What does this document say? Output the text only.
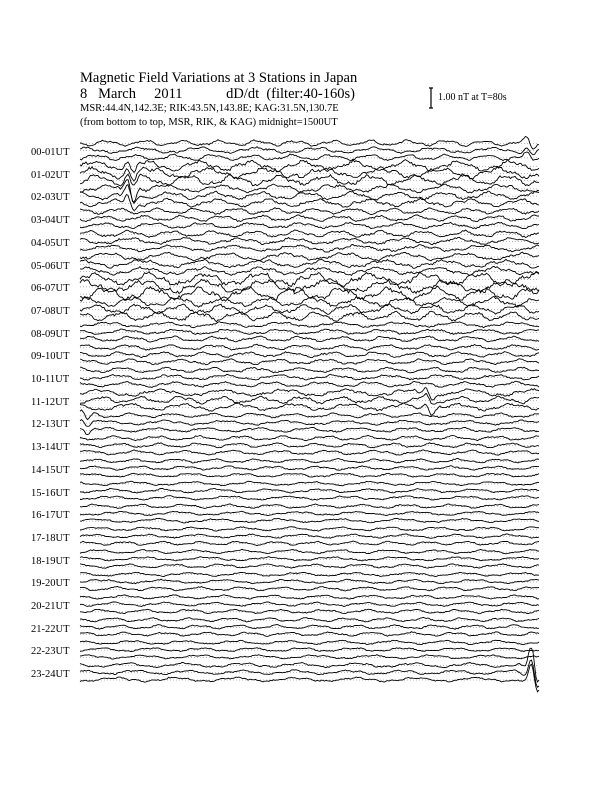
Magnetic Field Variations at 3 Stations in Japan
8 March 2011	dD/dt (filter:40-160s)
MSR:44.4N,142.3E; RIK:43.5N,143.8E; KAG:31.5N,130.7E
(from bottom to top, MSR, RIK, & KAG) midnight=1500UT
1.00 nT at T=80s
00-01UT
01-02UT
02-03UT
03-04UT
04-05UT
05-06UT
06-07UT
07-08UT
08-09UT
09-10UT
10-11UT
11-12UT
12-13UT
13-14UT
14-15UT
15-16UT
16-17UT
17-18UT
18-19UT
19-20UT
20-21UT
21-22UT
22-23UT
23-24UT
